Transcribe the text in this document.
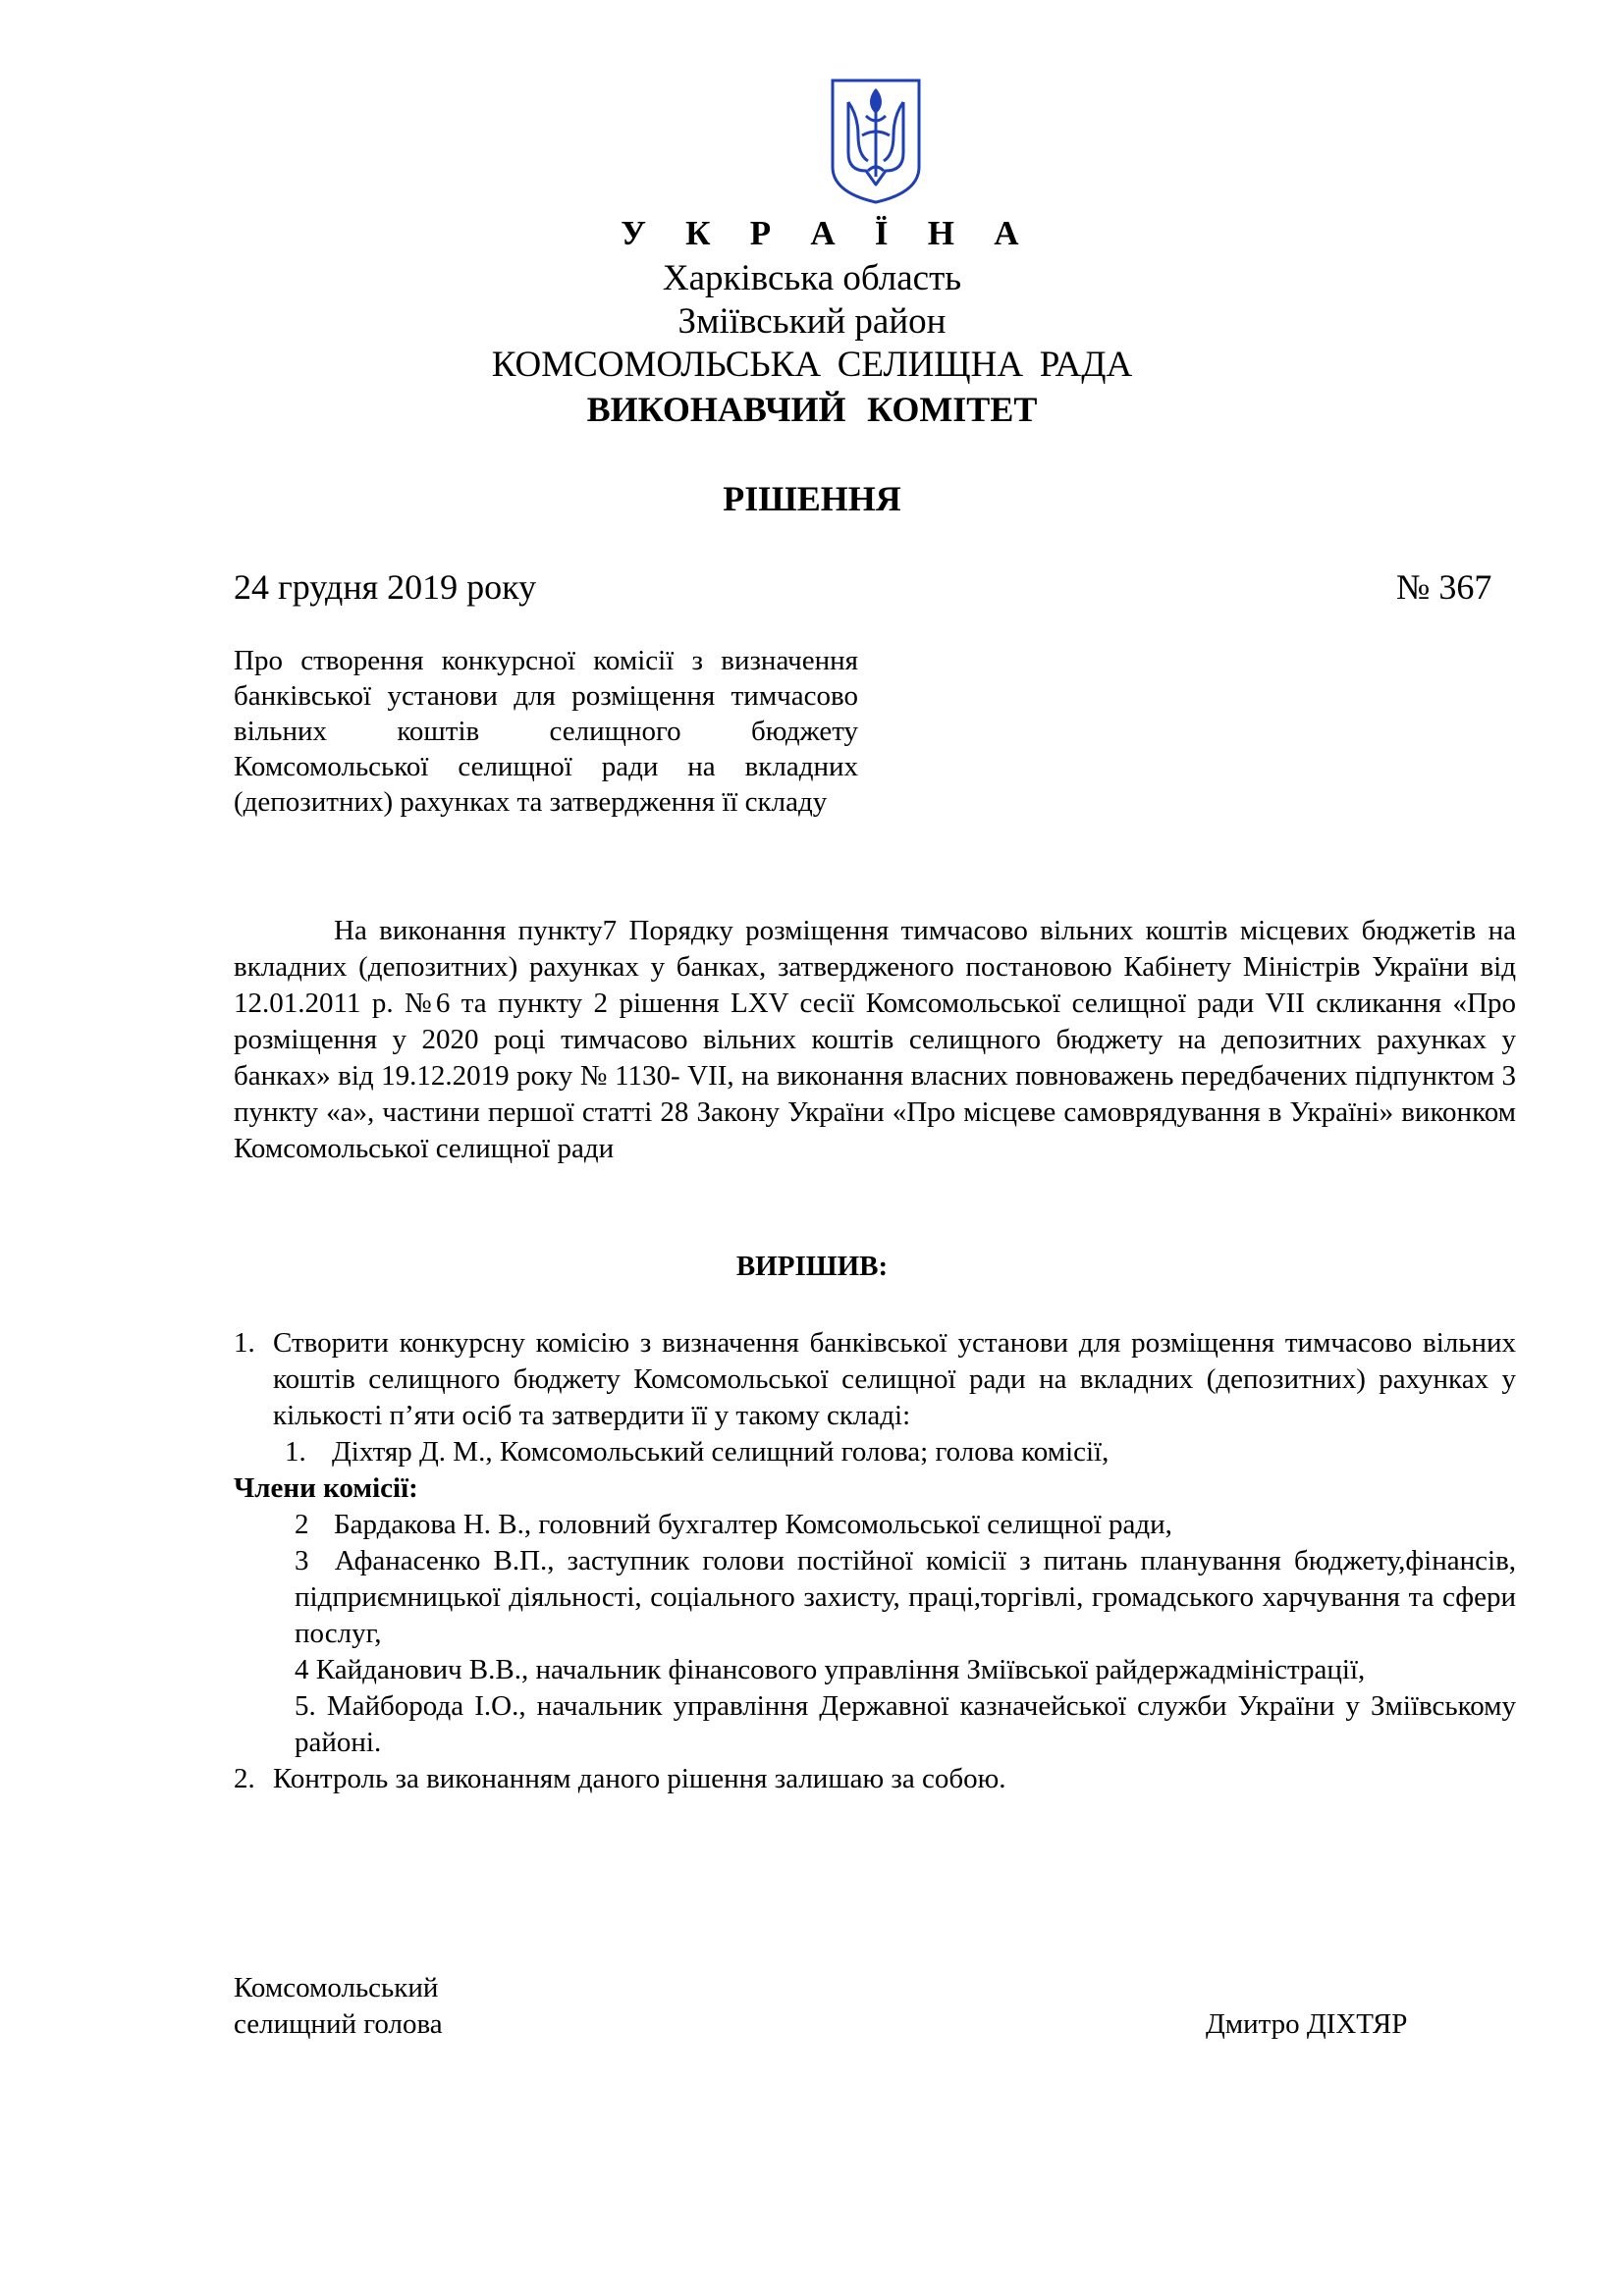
У К Р А Ї Н А
Харківська область
Зміївський район
КОМСОМОЛЬСЬКА СЕЛИЩНА РАДА
ВИКОНАВЧИЙ КОМІТЕТ
РІШЕННЯ
24 грудня 2019 року	№ 367
Про створення конкурсної комісії з визначення банківської установи для розміщення тимчасово вільних коштів селищного бюджету Комсомольської селищної ради на вкладних (депозитних) рахунках та затвердження її складу
На виконання пункту7 Порядку розміщення тимчасово вільних коштів місцевих бюджетів на вкладних (депозитних) рахунках у банках, затвердженого постановою Кабінету Міністрів України від 12.01.2011 р. №6 та пункту 2 рішення LXV сесії Комсомольської селищної ради VII скликання «Про розміщення у 2020 році тимчасово вільних коштів селищного бюджету на депозитних рахунках у банках» від 19.12.2019 року № 1130- VII, на виконання власних повноважень передбачених підпунктом 3 пункту «а», частини першої статті 28 Закону України «Про місцеве самоврядування в Україні» виконком Комсомольської селищної ради
ВИРІШИВ:
1. Створити конкурсну комісію з визначення банківської установи для розміщення тимчасово вільних коштів селищного бюджету Комсомольської селищної ради на вкладних (депозитних) рахунках у кількості п’яти осіб та затвердити її у такому складі:
1. Діхтяр Д. М., Комсомольський селищний голова; голова комісії,
Члени комісії:
2 Бардакова Н. В., головний бухгалтер Комсомольської селищної ради,
3 Афанасенко В.П., заступник голови постійної комісії з питань планування бюджету,фінансів, підприємницької діяльності, соціального захисту, праці,торгівлі, громадського харчування та сфери послуг,
4 Кайданович В.В., начальник фінансового управління Зміївської райдержадміністрації,
5. Майборода І.О., начальник управління Державної казначейської служби України у Зміївському районі.
2. Контроль за виконанням даного рішення залишаю за собою.
Комсомольський
селищний голова	Дмитро ДІХТЯР
